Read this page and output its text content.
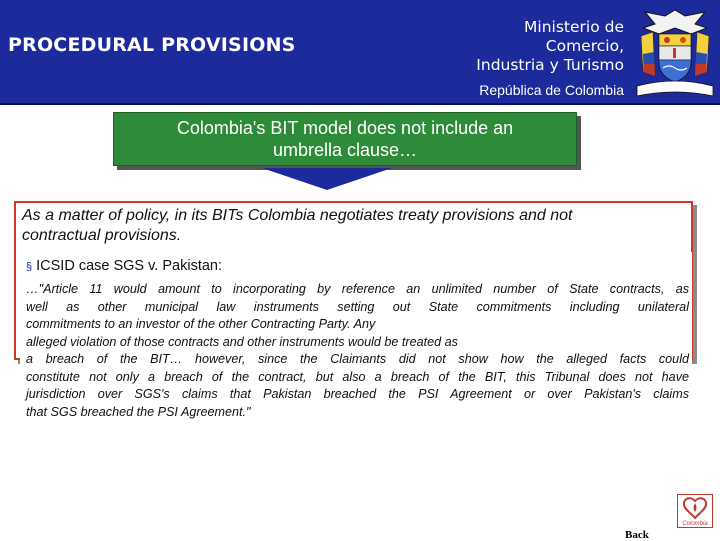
PROCEDURAL PROVISIONS
Ministerio de
Comercio,
Industria y Turismo
República de Colombia
Colombia's BIT model does not include an
umbrella clause…
As a matter of policy, in its BITs Colombia negotiates treaty provisions and not
contractual provisions.
§ ICSID case SGS v. Pakistan:
…"Article 11 would amount to incorporating by reference an unlimited number of State contracts, as
well as other municipal law instruments setting out State commitments including unilateral
commitments to an investor of the other Contracting Party. Any
alleged violation of those contracts and other instruments would be treated as
a breach of the BIT… however, since the Claimants did not show how the alleged facts could
constitute not only a breach of the contract, but also a breach of the BIT, this Tribunal does not have
jurisdiction over SGS's claims that Pakistan breached the PSI Agreement or over Pakistan's claims
that SGS breached the PSI Agreement."
Colombia
Back
